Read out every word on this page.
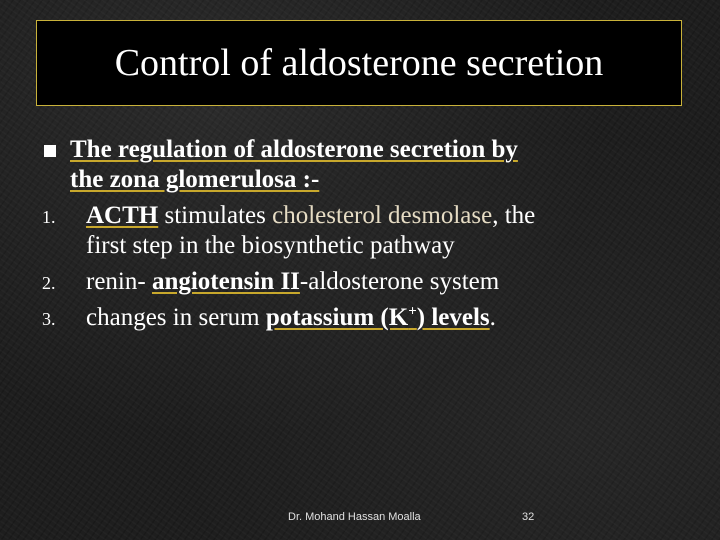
Control of aldosterone secretion
The regulation of aldosterone secretion by
the zona glomerulosa :-
1. ACTH stimulates cholesterol desmolase, the
first step in the biosynthetic pathway
2. renin- angiotensin II-aldosterone system
3. changes in serum potassium (K+) levels.
Dr. Mohand Hassan Moalla	32
